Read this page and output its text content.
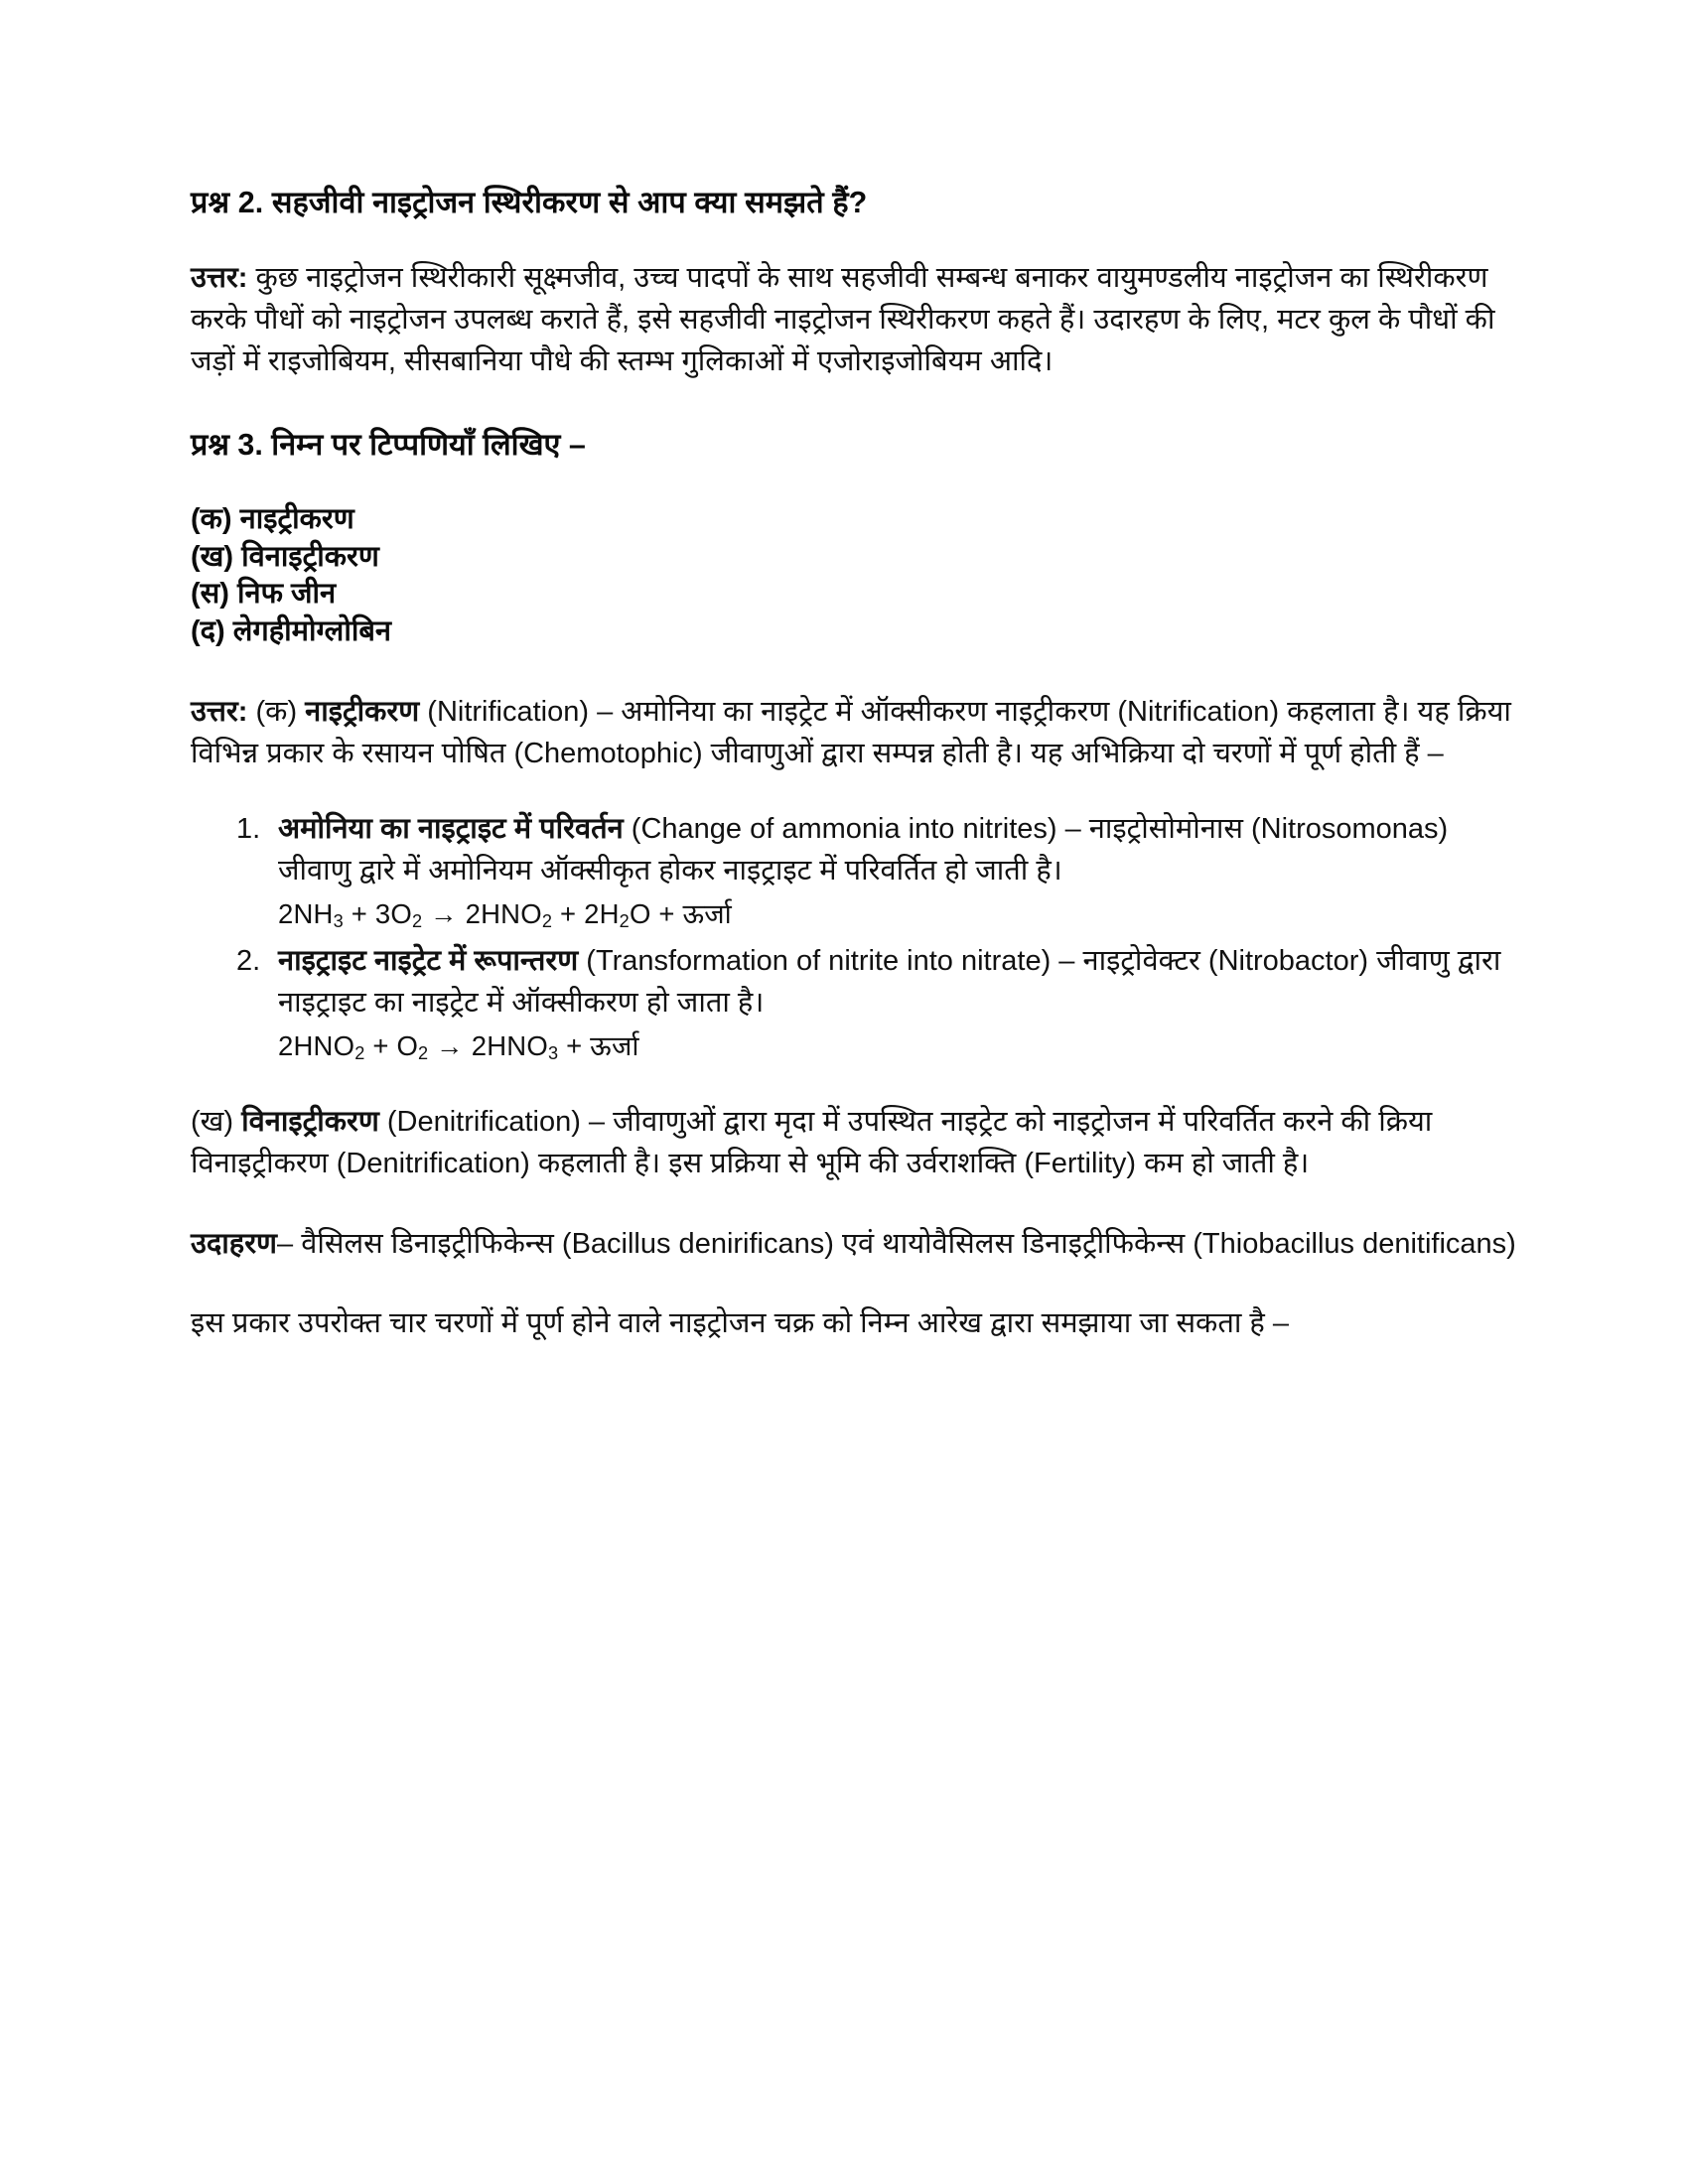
प्रश्न 2. सहजीवी नाइट्रोजन स्थिरीकरण से आप क्या समझते हैं?

उत्तर: कुछ नाइट्रोजन स्थिरीकारी सूक्ष्मजीव, उच्च पादपों के साथ सहजीवी सम्बन्ध बनाकर वायुमण्डलीय नाइट्रोजन का स्थिरीकरण करके पौधों को नाइट्रोजन उपलब्ध कराते हैं, इसे सहजीवी नाइट्रोजन स्थिरीकरण कहते हैं। उदारहण के लिए, मटर कुल के पौधों की जड़ों में राइजोबियम, सीसबानिया पौधे की स्तम्भ गुलिकाओं में एजोराइजोबियम आदि।

प्रश्न 3. निम्न पर टिप्पणियाँ लिखिए –
(क) नाइट्रीकरण
(ख) विनाइट्रीकरण
(स) निफ जीन
(द) लेगहीमोग्लोबिन

उत्तर: (क) नाइट्रीकरण (Nitrification) – अमोनिया का नाइट्रेट में ऑक्सीकरण नाइट्रीकरण (Nitrification) कहलाता है। यह क्रिया विभिन्न प्रकार के रसायन पोषित (Chemotophic) जीवाणुओं द्वारा सम्पन्न होती है। यह अभिक्रिया दो चरणों में पूर्ण होती हैं –

अमोनिया का नाइट्राइट में परिवर्तन (Change of ammonia into nitrites) – नाइट्रोसोमोनास (Nitrosomonas) जीवाणु द्वारे में अमोनियम ऑक्सीकृत होकर नाइट्राइट में परिवर्तित हो जाती है।
$2NH_3 + 3O_2 \to 2HNO_2 + 2H_2O$ + ऊर्जा
नाइट्राइट नाइट्रेट में रूपान्तरण (Transformation of nitrite into nitrate) – नाइट्रोवेक्टर (Nitrobactor) जीवाणु द्वारा नाइट्राइट का नाइट्रेट में ऑक्सीकरण हो जाता है।
$2HNO_2 + O_2 \to 2HNO_3$ + ऊर्जा

(ख) विनाइट्रीकरण (Denitrification) – जीवाणुओं द्वारा मृदा में उपस्थित नाइट्रेट को नाइट्रोजन में परिवर्तित करने की क्रिया विनाइट्रीकरण (Denitrification) कहलाती है। इस प्रक्रिया से भूमि की उर्वराशक्ति (Fertility) कम हो जाती है।

उदाहरण– वैसिलस डिनाइट्रीफिकेन्स (Bacillus denirificans) एवं थायोवैसिलस डिनाइट्रीफिकेन्स (Thiobacillus denitificans)

इस प्रकार उपरोक्त चार चरणों में पूर्ण होने वाले नाइट्रोजन चक्र को निम्न आरेख द्वारा समझाया जा सकता है –
